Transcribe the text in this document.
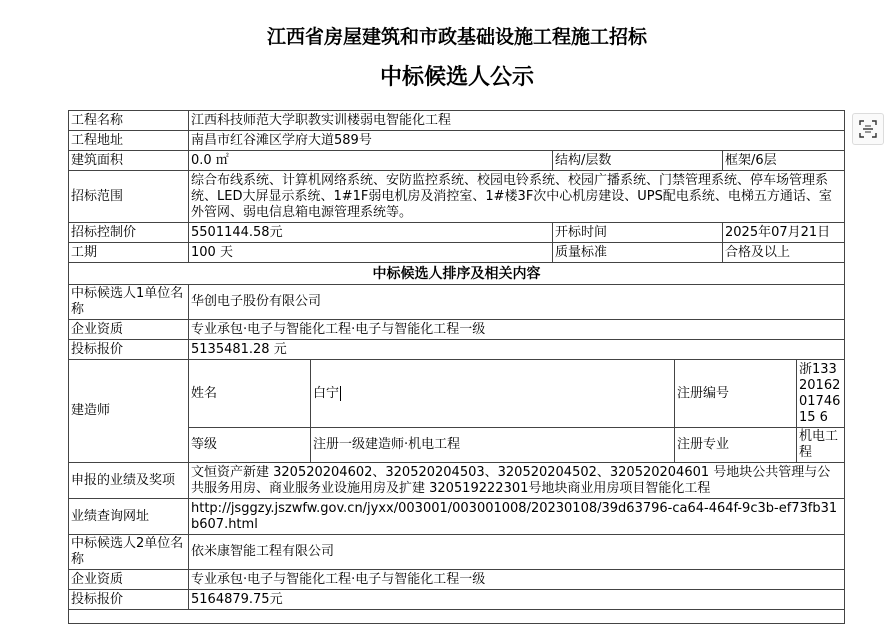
江西省房屋建筑和市政基础设施工程施工招标
中标候选人公示
工程名称	江西科技师范大学职教实训楼弱电智能化工程					
工程地址	南昌市红谷滩区学府大道589号					
建筑面积	0.0 ㎡		结构/层数		框架/6层	
招标范围	综合布线系统、计算机网络系统、安防监控系统、校园电铃系统、校园广播系统、门禁管理系统、停车场管理系统、LED大屏显示系统、1#1F弱电机房及消控室、1#楼3F次中心机房建设、UPS配电系统、电梯五方通话、室外管网、弱电信息箱电源管理系统等。					
招标控制价	5501144.58元		开标时间		2025年07月21日	
工期	100 天		质量标准		合格及以上	
中标候选人排序及相关内容						
中标候选人1单位名称	华创电子股份有限公司					
企业资质	专业承包·电子与智能化工程·电子与智能化工程一级					
投标报价	5135481.28 元					
建造师	姓名	白宁		注册编号		浙133201620174615 6
	等级	注册一级建造师·机电工程		注册专业		机电工程
申报的业绩及奖项	文恒资产新建 320520204602、320520204503、320520204502、320520204601 号地块公共管理与公共服务用房、商业服务业设施用房及扩建 320519222301号地块商业用房项目智能化工程					
业绩查询网址	http://jsggzy.jszwfw.gov.cn/jyxx/003001/003001008/20230108/39d63796-ca64-464f-9c3b-ef73fb31b607.html					
中标候选人2单位名称	依米康智能工程有限公司					
企业资质	专业承包·电子与智能化工程·电子与智能化工程一级					
投标报价	5164879.75元					
